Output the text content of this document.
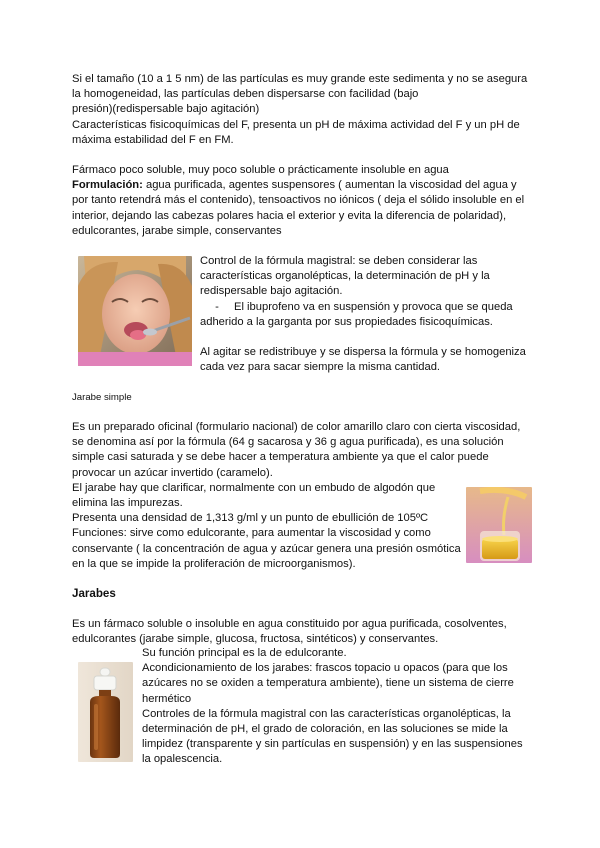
Si el tamaño (10 a 1 5 nm) de las partículas es muy grande este sedimenta y no se asegura

la homogeneidad, las partículas deben dispersarse con facilidad (bajo

presión)(redispersable bajo agitación)

Características fisicoquímicas del F, presenta un pH de máxima actividad del F y un pH de

máxima estabilidad del F en FM.

Fármaco poco soluble, muy poco soluble o prácticamente insoluble en agua

Formulación: agua purificada, agentes suspensores ( aumentan la viscosidad del agua y

por tanto retendrá más el contenido), tensoactivos no iónicos ( deja el sólido insoluble en el

interior, dejando las cabezas polares hacia el exterior y evita la diferencia de polaridad),

edulcorantes, jarabe simple, conservantes

Control de la fórmula magistral: se deben considerar las

características organolépticas, la determinación de pH y la

redispersable bajo agitación.

- El ibuprofeno va en suspensión y provoca que se queda

adherido a la garganta por sus propiedades fisicoquímicas.

Al agitar se redistribuye y se dispersa la fórmula y se homogeniza

cada vez para sacar siempre la misma cantidad.

Jarabe simple

Es un preparado oficinal (formulario nacional) de color amarillo claro con cierta viscosidad,

se denomina así por la fórmula (64 g sacarosa y 36 g agua purificada), es una solución

simple casi saturada y se debe hacer a temperatura ambiente ya que el calor puede

provocar un azúcar invertido (caramelo).

El jarabe hay que clarificar, normalmente con un embudo de algodón que

elimina las impurezas.

Presenta una densidad de 1,313 g/ml y un punto de ebullición de 105ºC

Funciones: sirve como edulcorante, para aumentar la viscosidad y como

conservante ( la concentración de agua y azúcar genera una presión osmótica

en la que se impide la proliferación de microorganismos).

Jarabes

Es un fármaco soluble o insoluble en agua constituido por agua purificada, cosolventes,

edulcorantes (jarabe simple, glucosa, fructosa, sintéticos) y conservantes.

Su función principal es la de edulcorante.

Acondicionamiento de los jarabes: frascos topacio u opacos (para que los

azúcares no se oxiden a temperatura ambiente), tiene un sistema de cierre

hermético

Controles de la fórmula magistral con las características organolépticas, la

determinación de pH, el grado de coloración, en las soluciones se mide la

limpidez (transparente y sin partículas en suspensión) y en las suspensiones

la opalescencia.
